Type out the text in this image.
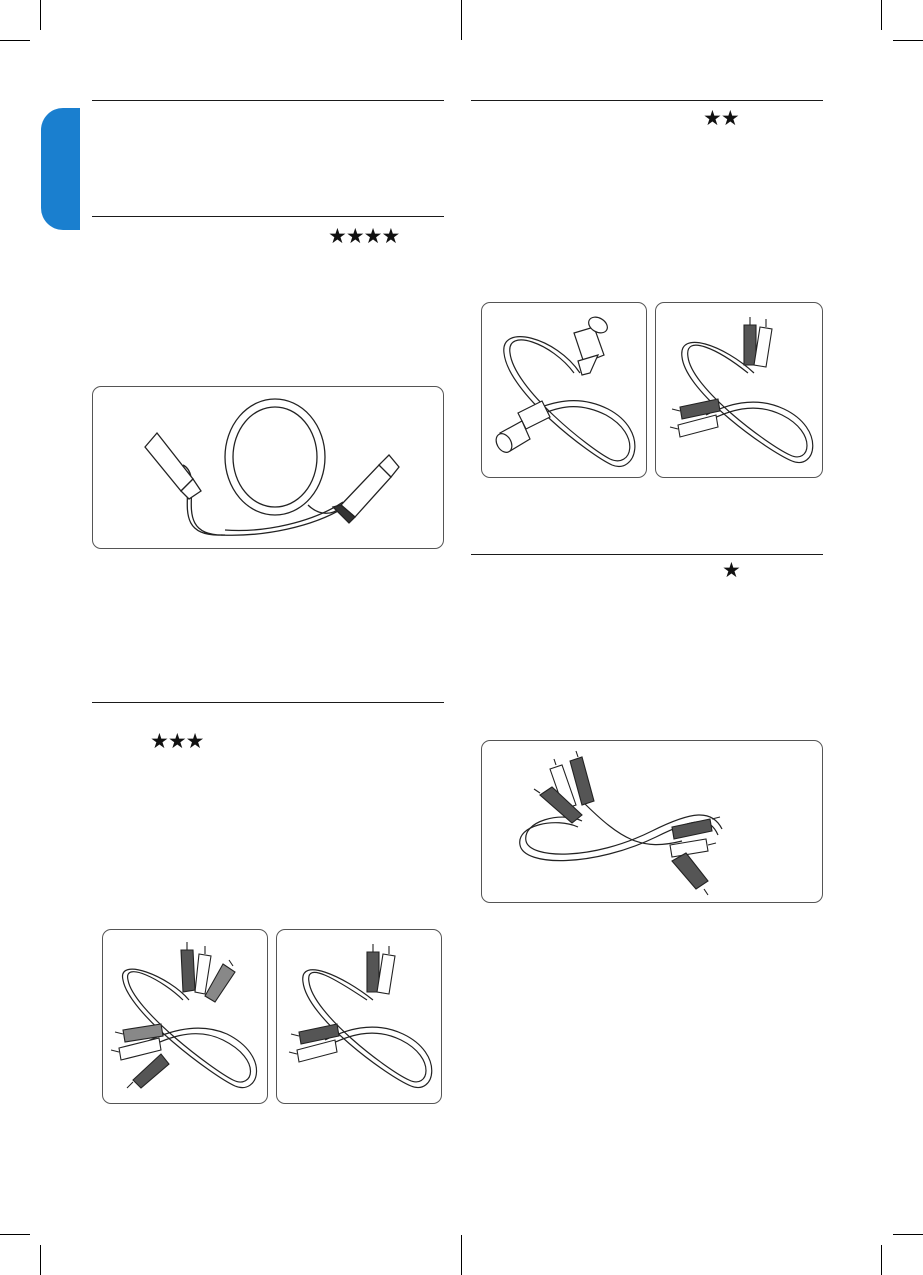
★★★★
★★★
★★
★
